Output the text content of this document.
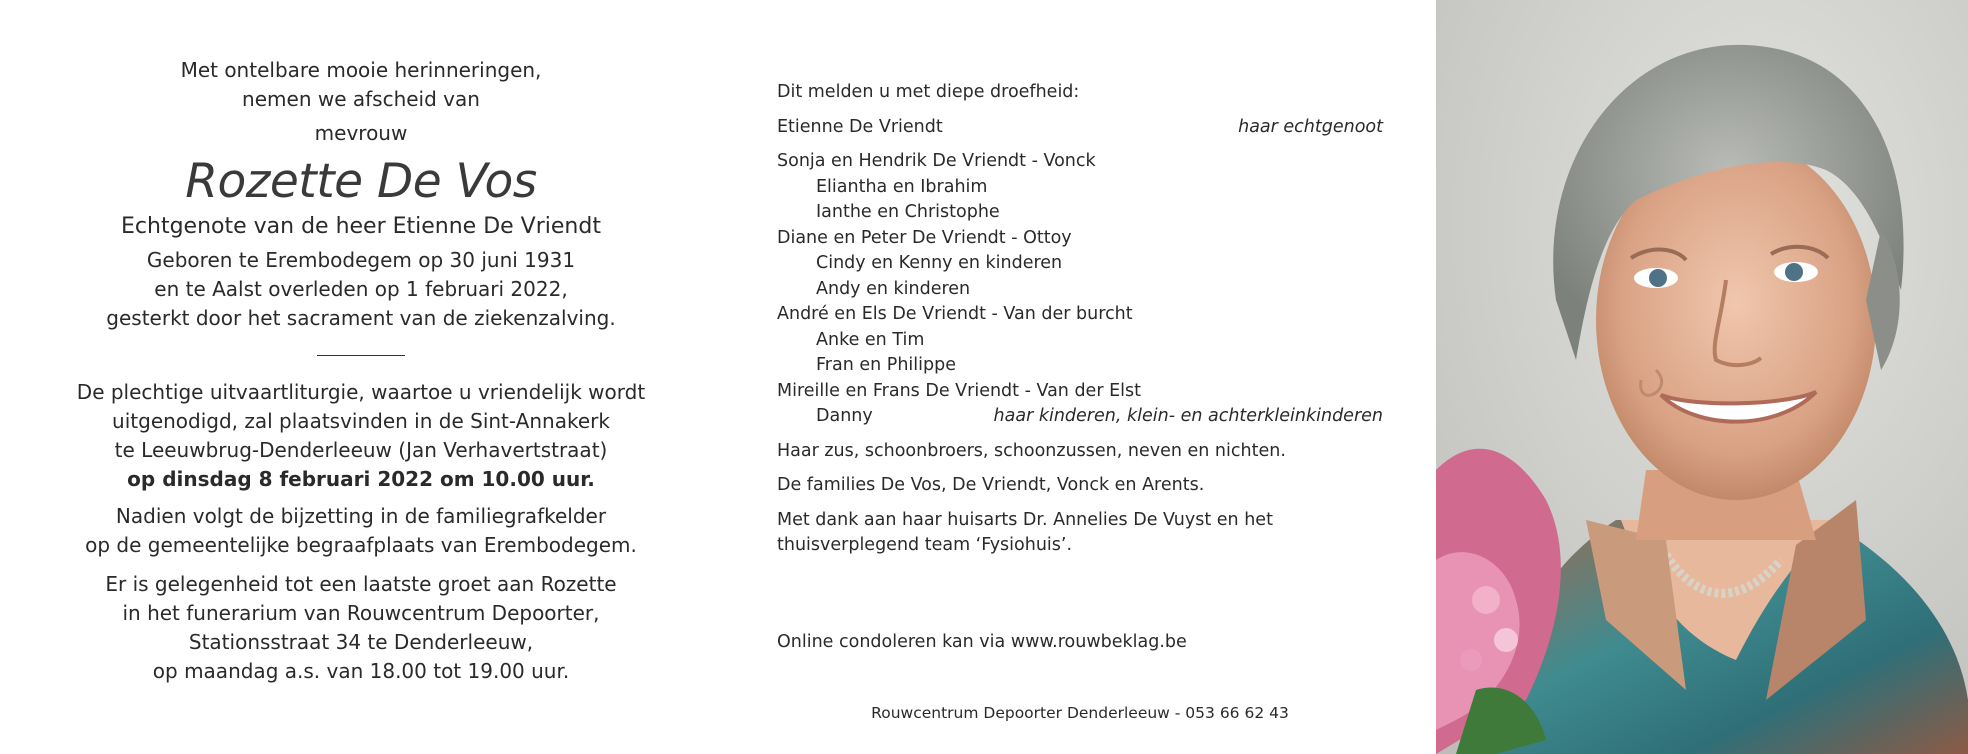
Met ontelbare mooie herinneringen,
nemen we afscheid van

mevrouw

Rozette De Vos

Echtgenote van de heer Etienne De Vriendt

Geboren te Erembodegem op 30 juni 1931
en te Aalst overleden op 1 februari 2022,
gesterkt door het sacrament van de ziekenzalving.

De plechtige uitvaartliturgie, waartoe u vriendelijk wordt
uitgenodigd, zal plaatsvinden in de Sint-Annakerk
te Leeuwbrug-Denderleeuw (Jan Verhavertstraat)
op dinsdag 8 februari 2022 om 10.00 uur.

Nadien volgt de bijzetting in de familiegrafkelder
op de gemeentelijke begraafplaats van Erembodegem.

Er is gelegenheid tot een laatste groet aan Rozette
in het funerarium van Rouwcentrum Depoorter,
Stationsstraat 34 te Denderleeuw,
op maandag a.s. van 18.00 tot 19.00 uur.

Dit melden u met diepe droefheid:

Etienne De Vriendt	haar echtgenoot
Sonja en Hendrik De Vriendt - Vonck
Eliantha en Ibrahim
Ianthe en Christophe
Diane en Peter De Vriendt - Ottoy
Cindy en Kenny en kinderen
Andy en kinderen
André en Els De Vriendt - Van der burcht
Anke en Tim
Fran en Philippe
Mireille en Frans De Vriendt - Van der Elst
Danny	haar kinderen, klein- en achterkleinkinderen

Haar zus, schoonbroers, schoonzussen, neven en nichten.

De families De Vos, De Vriendt, Vonck en Arents.

Met dank aan haar huisarts Dr. Annelies De Vuyst en het thuisverplegend team ‘Fysiohuis’.

Online condoleren kan via www.rouwbeklag.be

Rouwcentrum Depoorter Denderleeuw - 053 66 62 43
